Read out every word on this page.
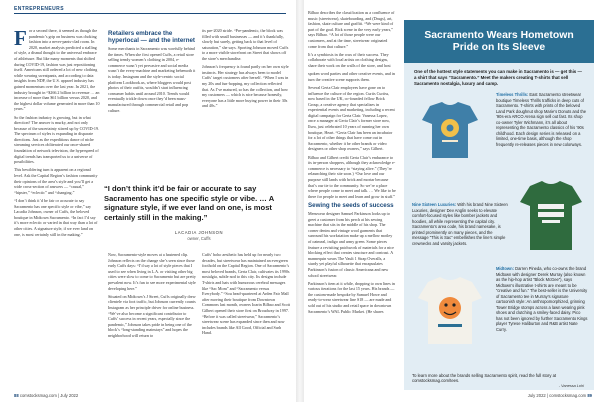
ENTREPRENEURS

For a second there, it seemed as though the pandemic’s grip on business was choking fashion into a never-pants-clad room. In 2020, market analysts predicted a stalling of style, a dismal thought to the universal embrace of athleisure. But like many moments that shifted during COVID-19, fashion was just repositioning itself. Americans still ordered a lot of new clothing while wearing sweatpants, and according to data insights from NDP, the U.S. apparel industry has gained momentum over the last year. In 2021, the industry brought in “$266.2 billion in revenue … an increase of more than $61 billion versus 2020, and the highest dollar volume generated in more than 10 years.”

So the fashion industry is growing, but in what direction? The answer is murky, and not only because of the uncertainty stirred up by COVID-19. The spectrum of styles is expanding in disparate directions. Just as the expeditious dance of niche streaming services obliterated our once-shared foundation of network television, the hyperspeed of digital trends has transported us to a universe of possibilities.

This bewildering turn is apparent on a regional level. Ask the Capital Region’s fashion community their opinions of the area’s style and you’ll get a wide cross-section of answers — “casual,” “hipster,” “eclectic” and “changing.”

“I don’t think it’d be fair or accurate to say Sacramento has one specific style or vibe,” say Lacadia Johnson, owner of Cuffs, the beloved boutique in Midtown Sacramento. “In fact I’d say it’s more eclectic or varied in that way than a lot of other cities. A signature style, if we ever land on one, is most certainly still in the making.”

Retailers embrace the hyperlocal — and the internet

Some merchants in Sacramento was woefully behind the times. When she first opened Cuffs, a retail store selling trendy women’s clothing in 2004, e-commerce wasn’t yet pervasive and social media wasn’t the every-machine and marketing behemoth it is today. Instagram and the style-centric social platform Lookbook.us, where bloggers would post photos of their outfits, wouldn’t start influencing consumer habits until around 2010. Trends would eventually trickle down once they’d been mass-manufactured through commercial retail and pop culture.

its pre-2020 stride. “Pre-pandemic, the block was filled with small businesses — and it’s thankfully, slowly but surely, getting back to that level of saturation,” she says. Sporting Johnson moved Cuffs to a more visible storefront on Street that shows off the store’s merchandise.

Johnson’s frequency is found partly on her own style instincts. Her strategy has always been to model Cuffs’ target customers after herself. “When I was in my 20s and fun-hopping, my collection reflected that. As I’ve matured, so has the collection, and how my customers — which is nice because honestly, everyone has a little more buying power in their 30s and 40s.”

“I don’t think it’d be fair or accurate to say Sacramento has one specific style or vibe. … A signature style, if we ever land on one, is most certainly still in the making.”
LACADIA JOHNSON
owner, Cuffs

Now, Sacramento-style moves at a hastened clip. Johnson reflects on the change she’s seen since those early Cuffs days: “I’d say a lot of style pieces that I used to see when living in L.A. or visiting other big cities were slow to come to Sacramento but are pretty prevalent now. It’s fun to see more experimental style developing here.”

Situated on Midtown’s J Street, Cuffs originally drew clientele via foot traffic, but Johnson currently counts Instagram as her principle driver for online business. “We’ve also become a significant contributor to Cuffs’ success in recent years, especially since the pandemic,” Johnson takes pride in being one of the block’s “long-standing mainstays” and hopes the neighborhood will return to

Cuffs’ boho aesthetic has held up for nearly two decades, but streetwear has maintained an evergreen foothold on the Capital Region. One of Sacramento’s most beloved brands, Gerta Clair, cultivates its 1990s nostalgia, subtle nod to this city. Its designs include T-shirts and hats with humorous cerebral messages like “Sac Mom” and “Sacramento versus Everybody.” “Sou head-quartered at Arden Fair Mall after moving their boutique from Downtown Commons last month, owners Ioarin Bilbao and Scott Gilbert opened their store first on Broadway in 1997. “Before it was called streetwear,” Sacramento’s streetwear scene has expanded since then and now includes brands like All Good, Official and Sarh Hand.

88 comstocksmag.com | July 2022

Bilbao describes the classification as a confluence of music (streetwear), skateboarding, and (Drugs), art, fashion, skate culture and graffiti. “We were kind of part of the goal. Rick scene in the very early years,” says Bilbao. “A lot of those people were our customers, and at the time, streetwear originated come from that culture.”

It’s a symbiosis in the crux of their success. They collaborate with local artists on clothing designs, share their work on the walls of the store, and host

spoken word parties and other creative events, and in turn the creative scene supports them.

Several Gerta Clair employees have gone on to influence the culture of the region. Curtis Curtiss, now based in the UK, co-founded fellow Brick Group, a creative agency that specializes in experiential events and marketing, including a recent digital campaign for Gerta Clair. Vanessa Lopez, once a manager at Gerta Clair’s former store now, Ilsea, just celebrated 10 years of running her own boutique, Heart. “Gerta Clair has been an incubator for a lot of other things that have come out in Sacramento, whether it be other brands or video designers or other shop owners,” says Gilbert.

Bilbao and Gilbert credit Gerta Clair’s endurance to its in-person shoppers, although they acknowledge e-commerce is necessary to “staying alive.” (They’re relaunching their site soon.) “Our love and our purpose still lands with brick and mortar because that’s our tie to the community. So we’re a place where people come to meet and talk. … We like to be there for people to meet and learn and grow in stuff.”

Sewing the seeds of success

Menswear designer Samuel Parkinson looks up to greet a customer from his perch at his sewing machine that sits in the middle of his shop. The corner denim and vintage wool garments that surround his workstation make up a mellow motley of oatmeal, indigo and army green. Some pieces feature a revisiting patchwork of materials for a nice blocking effect that creates structure and contrast. A mannequin wears The Vault 1 Strap Overalls, a sturdy yet playful silhouette that encapsulates Parkinson’s fusion of classic Americana and new school streetwear.

Parkinson’s item at it while, dropping to own lines in various iterations for the last 15 years. His brands — the custom-made bespoke by Samuel Howe and ready-to-wear streetwear line S18 — are made and sold out of his studio and retail space in downtown Sacramento’s WAL Public Market. (He shares

July 2022 | comstocksmag.com 89
Sacramento Wears Hometown Pride on Its Sleeve
One of the hottest style statements you can make in Sacramento is — get this — a shirt that says “Sacramento.” Meet the makers creating T-shirts that sell Sacramento nostalgia, luxury and camp.
Timeless Thrills: East Sacramento streetwear boutique Timeless Thrills trafficks in deep cuts of Sacramento. T-shirts with prints of the beloved Land Park doughnut shop Marie’s Donuts and the ’90s-era ARCO Arena sign sell out fast. Its shop co-owner Tyler Wichmann, it’s all about representing the Sacramento classics of his ’90s childhood. Each design series is released on a limited, one-time basis, although the shop frequently re-releases pieces in new colorways.
Nine Sixteen Luxuries: With his brand Nine Sixteen Luxuries, designer Dev Anglin seeks to elevate comfort-focused styles like bomber jackets and hoodies, all while representing the capital city. Sacramento’s area code, his brand namesake, is printed prominently on many pieces, and the message “This is Sac” embellishes the line’s simple crewnecks and varsity jackets.
Midtown: Darren Pineda, who co-owns the brand Midtown with designer Derek Murray (also known as the hip-hop artist “Block McGee”), says Midtown’s illustrative t-shirts are meant to be “creative and fun.” The best-seller is the University of Sacramento tee in Murray’s signature cartoonish style: An anthropomorphized, grinning Tower Bridge stomps across a lawn wearing pink shoes and clutching a smiley-faced daisy. Pico has not been ignored by further Sacramento Kings player Tyrese Haliburton and R&B artist Nate Curry.
To learn more about the brands selling Sacramento spirit, read the full story at comstocksmag.com/tees.
- Vanessa Lohi
